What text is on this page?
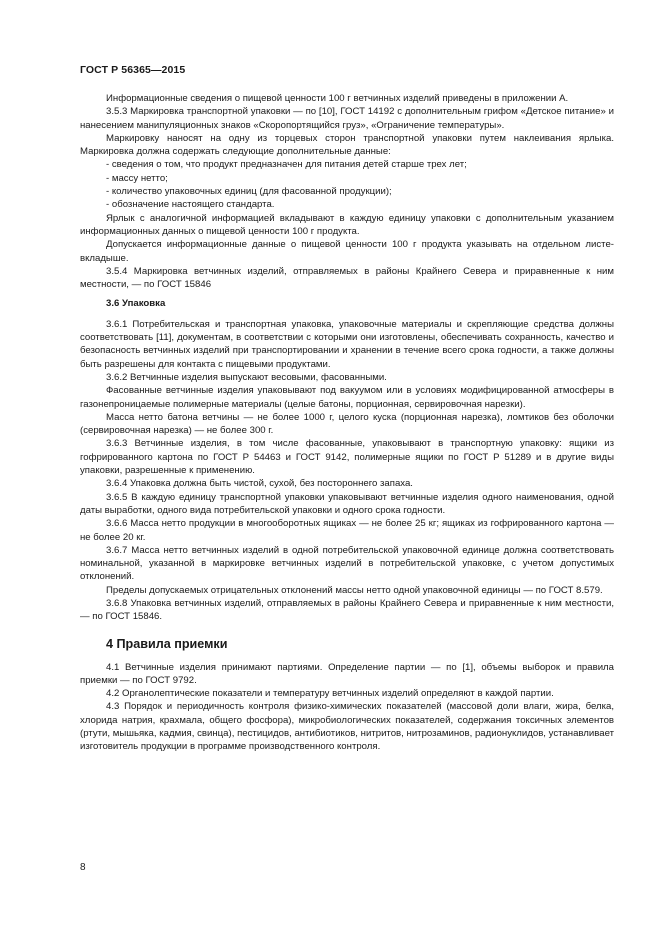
ГОСТ Р 56365—2015

Информационные сведения о пищевой ценности 100 г ветчинных изделий приведены в приложении А.

3.5.3 Маркировка транспортной упаковки — по [10], ГОСТ 14192 с дополнительным грифом «Детское питание» и нанесением манипуляционных знаков «Скоропортящийся груз», «Ограничение температуры».

Маркировку наносят на одну из торцевых сторон транспортной упаковки путем наклеивания ярлыка. Маркировка должна содержать следующие дополнительные данные:

- сведения о том, что продукт предназначен для питания детей старше трех лет;

- массу нетто;

- количество упаковочных единиц (для фасованной продукции);

- обозначение настоящего стандарта.

Ярлык с аналогичной информацией вкладывают в каждую единицу упаковки с дополнительным указанием информационных данных о пищевой ценности 100 г продукта.

Допускается информационные данные о пищевой ценности 100 г продукта указывать на отдельном листе-вкладыше.

3.5.4 Маркировка ветчинных изделий, отправляемых в районы Крайнего Севера и приравненные к ним местности, — по ГОСТ 15846

3.6 Упаковка

3.6.1 Потребительская и транспортная упаковка, упаковочные материалы и скрепляющие средства должны соответствовать [11], документам, в соответствии с которыми они изготовлены, обеспечивать сохранность, качество и безопасность ветчинных изделий при транспортировании и хранении в течение всего срока годности, а также должны быть разрешены для контакта с пищевыми продуктами.

3.6.2 Ветчинные изделия выпускают весовыми, фасованными.

Фасованные ветчинные изделия упаковывают под вакуумом или в условиях модифицированной атмосферы в газонепроницаемые полимерные материалы (целые батоны, порционная, сервировочная нарезки).

Масса нетто батона ветчины — не более 1000 г, целого куска (порционная нарезка), ломтиков без оболочки (сервировочная нарезка) — не более 300 г.

3.6.3 Ветчинные изделия, в том числе фасованные, упаковывают в транспортную упаковку: ящики из гофрированного картона по ГОСТ Р 54463 и ГОСТ 9142, полимерные ящики по ГОСТ Р 51289 и в другие виды упаковки, разрешенные к применению.

3.6.4 Упаковка должна быть чистой, сухой, без постороннего запаха.

3.6.5 В каждую единицу транспортной упаковки упаковывают ветчинные изделия одного наименования, одной даты выработки, одного вида потребительской упаковки и одного срока годности.

3.6.6 Масса нетто продукции в многооборотных ящиках — не более 25 кг; ящиках из гофрированного картона — не более 20 кг.

3.6.7 Масса нетто ветчинных изделий в одной потребительской упаковочной единице должна соответствовать номинальной, указанной в маркировке ветчинных изделий в потребительской упаковке, с учетом допустимых отклонений.

Пределы допускаемых отрицательных отклонений массы нетто одной упаковочной единицы — по ГОСТ 8.579.

3.6.8 Упаковка ветчинных изделий, отправляемых в районы Крайнего Севера и приравненные к ним местности, — по ГОСТ 15846.

4 Правила приемки

4.1 Ветчинные изделия принимают партиями. Определение партии — по [1], объемы выборок и правила приемки — по ГОСТ 9792.

4.2 Органолептические показатели и температуру ветчинных изделий определяют в каждой партии.

4.3 Порядок и периодичность контроля физико-химических показателей (массовой доли влаги, жира, белка, хлорида натрия, крахмала, общего фосфора), микробиологических показателей, содержания токсичных элементов (ртути, мышьяка, кадмия, свинца), пестицидов, антибиотиков, нитритов, нитрозаминов, радионуклидов, устанавливает изготовитель продукции в программе производственного контроля.

8
